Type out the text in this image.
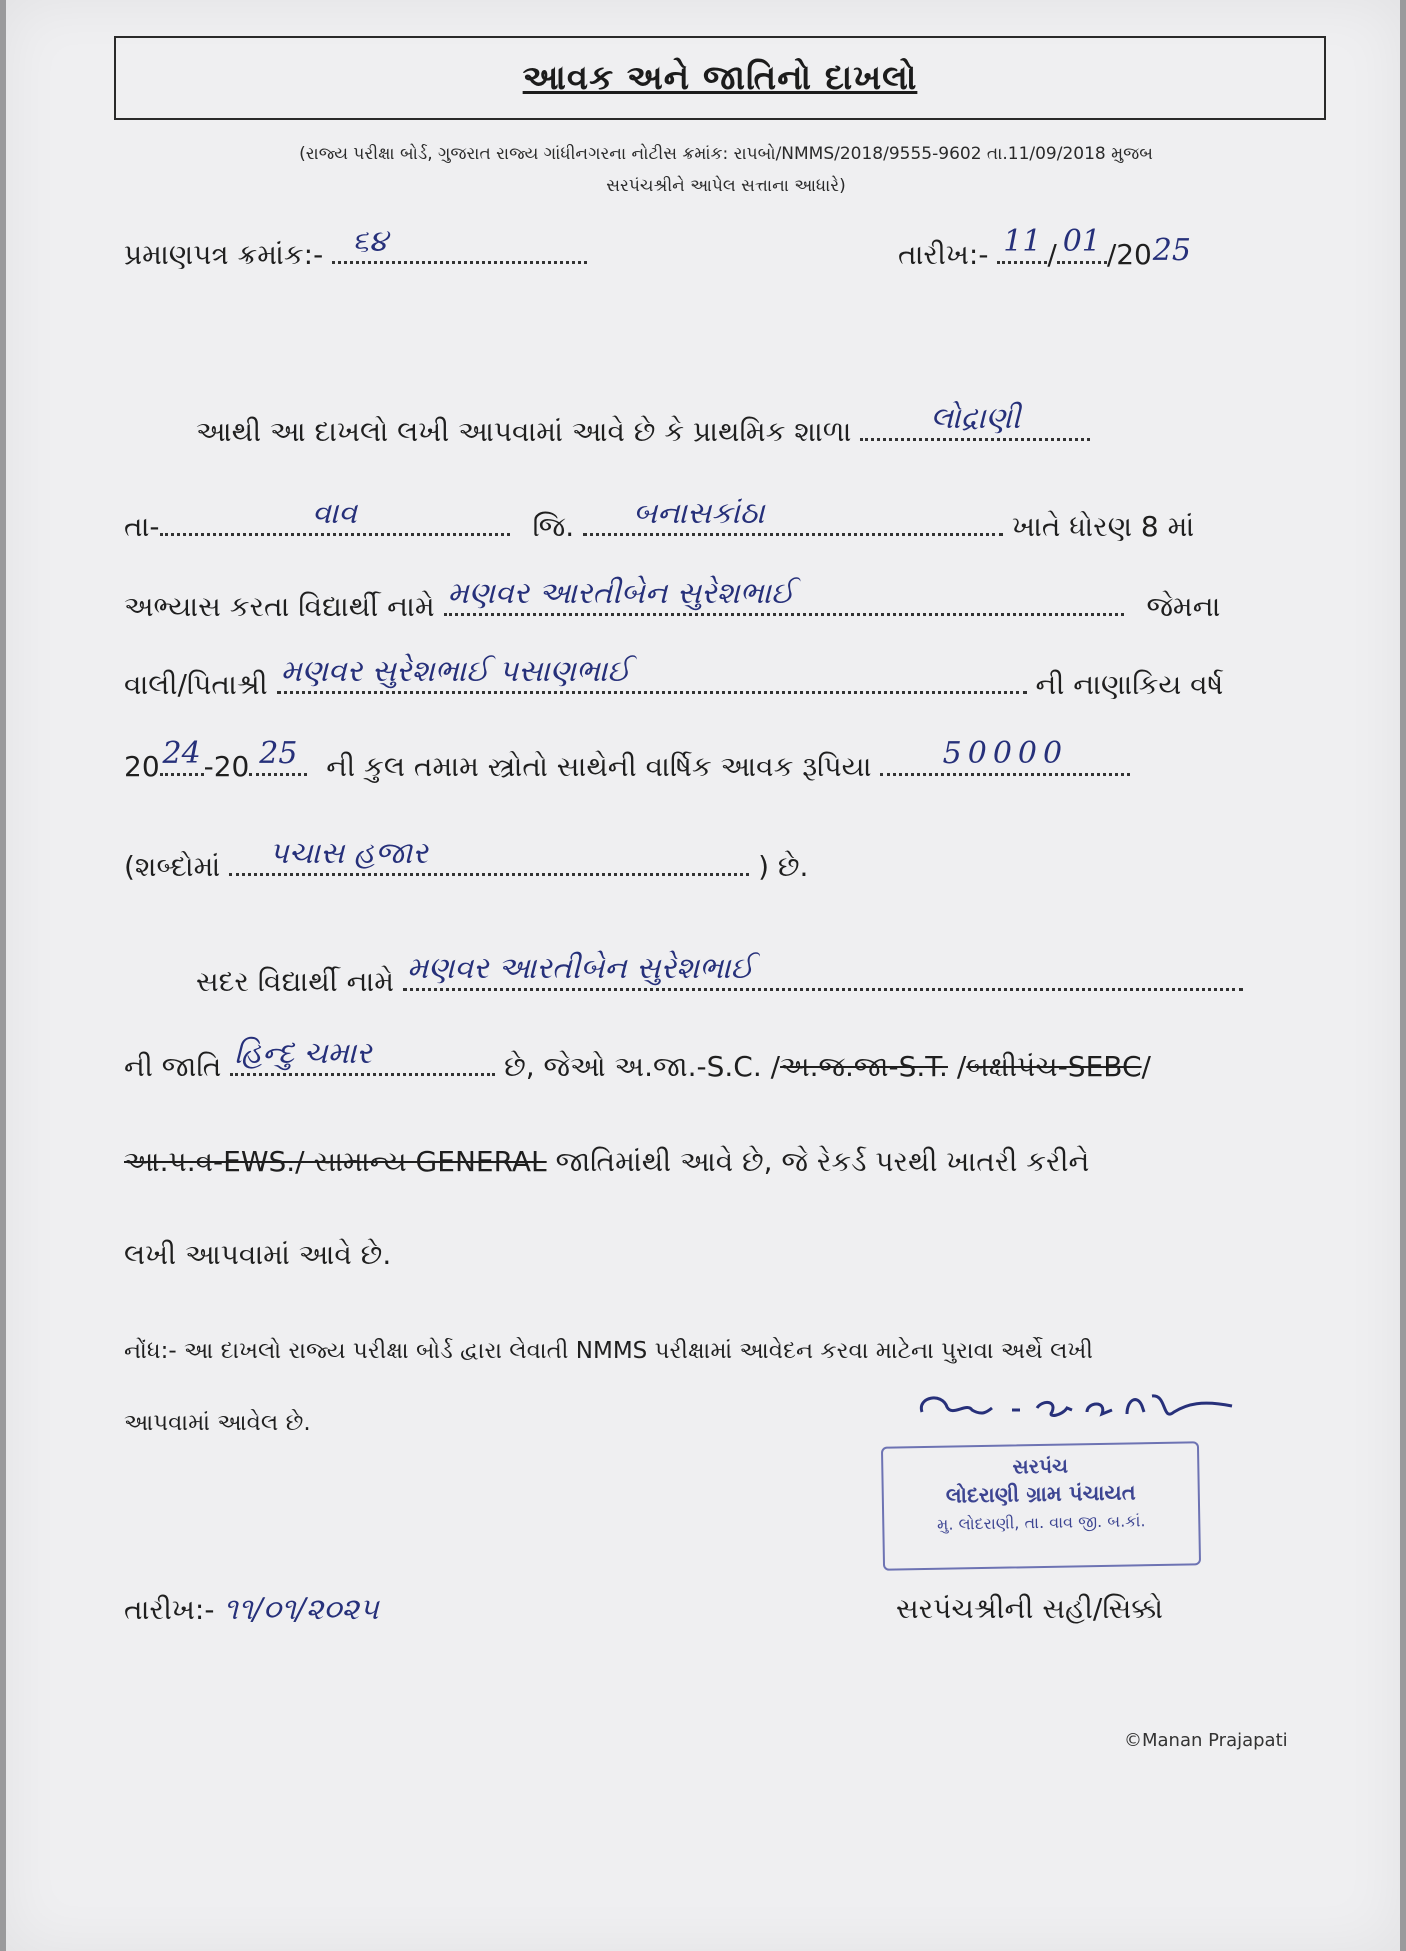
આવક અને જાતિનો દાખલો
(રાજ્ય પરીક્ષા બોર્ડ, ગુજરાત રાજ્ય ગાંધીનગરના નોટીસ ક્રમાંક: રાપબો/NMMS/2018/9555-9602 તા.11/09/2018 મુજબ
સરપંચશ્રીને આપેલ સત્તાના આધારે)
પ્રમાણપત્ર ક્રમાંક:- ૬૪	તારીખ:- 11 / 01 /20 25
આથી આ દાખલો લખી આપવામાં આવે છે કે પ્રાથમિક શાળા	લોદ્રાણી
તા-	વાવ	જિ.	બનાસકાંઠા	ખાતે ધોરણ 8 માં
અભ્યાસ કરતા વિદ્યાર્થી નામે મણવર આરતીબેન સુરેશભાઈ	જેમના
વાલી/પિતાશ્રી મણવર સુરેશભાઈ પસાણભાઈ	ની નાણાકિય વર્ષ
20 24 -20 25	ની કુલ તમામ સ્ત્રોતો સાથેની વાર્ષિક આવક રૂપિયા	50000
(શબ્દોમાં	પચાસ હજાર	) છે.
સદર વિદ્યાર્થી નામે મણવર આરતીબેન સુરેશભાઈ
ની જાતિ હિન્દુ ચમાર	છે, જેઓ અ.જા.-S.C. /અ.જ.જા-S.T. /બક્ષીપંચ-SEBC/
આ.પ.વ-EWS./ સામાન્ય GENERAL જાતિમાંથી આવે છે, જે રેકર્ડ પરથી ખાતરી કરીને
લખી આપવામાં આવે છે.
નોંધ:- આ દાખલો રાજ્ય પરીક્ષા બોર્ડ દ્વારા લેવાતી NMMS પરીક્ષામાં આવેદન કરવા માટેના પુરાવા અર્થે લખી
આપવામાં આવેલ છે.	ના.જે.પટેલ
સરપંચ
લોદરાણી ગ્રામ પંચાયત
મુ. લોદરાણી, તા. વાવ જી. બ.કાં.
તારીખ:- ૧૧/૦૧/૨૦૨૫	સરપંચશ્રીની સહી/સિક્કો
©Manan Prajapati
